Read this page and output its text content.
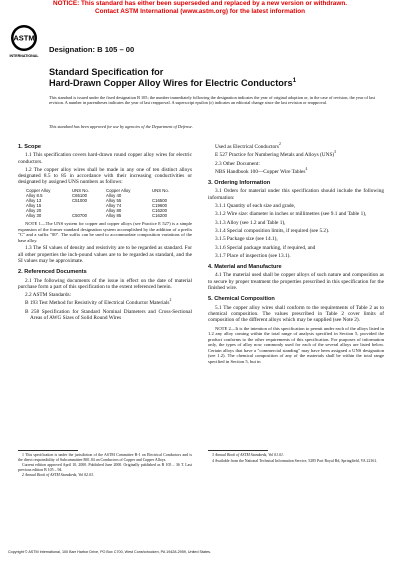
NOTICE: This standard has either been superseded and replaced by a new version or withdrawn.
Contact ASTM International (www.astm.org) for the latest information
ASTM
INTERNATIONAL
Designation: B 105 – 00
Standard Specification for
Hard-Drawn Copper Alloy Wires for Electric Conductors$^1$
This standard is issued under the fixed designation B 105; the number immediately following the designation indicates the year of original adoption or, in the case of revision, the year of last revision. A number in parentheses indicates the year of last reapproval. A superscript epsilon (ε) indicates an editorial change since the last revision or reapproval.
This standard has been approved for use by agencies of the Department of Defense.
1. Scope

1.1 This specification covers hard-drawn round copper alloy wires for electric conductors.

1.2 The copper alloy wires shall be made in any one of ten distinct alloys designated 8.5 to 85 in accordance with their increasing conductivities or designated by assigned UNS numbers as follows:

Copper Alloy	UNS No.	Copper Alloy	UNS No.
Alloy 8.5	C65100	Alloy 40	
Alloy 13	C51000	Alloy 55	C16500
Alloy 15		Alloy 74	C19600
Alloy 20		Alloy 80	C16200
Alloy 30	C50700	Alloy 85	C16200

NOTE 1—The UNS system for copper and copper alloys (see Practice E 527) is a simple expansion of the former standard designation system accomplished by the addition of a prefix "C" and a suffix "00". The suffix can be used to accommodate composition variations of the base alloy.

1.3 The SI values of density and resistivity are to be regarded as standard. For all other properties the inch-pound values are to be regarded as standard, and the SI values may be approximate.

2. Referenced Documents

2.1 The following documents of the issue in effect on the date of material purchase form a part of this specification to the extent referenced herein.

2.2 ASTM Standards:

B 193 Test Method for Resistivity of Electrical Conductor Materials$^2$

B 258 Specification for Standard Nominal Diameters and Cross-Sectional Areas of AWG Sizes of Solid Round Wires

Used as Electrical Conductors$^2$

E 527 Practice for Numbering Metals and Alloys (UNS)$^3$

2.3 Other Document:

NBS Handbook 100—Copper Wire Tables$^4$

3. Ordering Information

3.1 Orders for material under this specification should include the following information:

3.1.1 Quantity of each size and grade,

3.1.2 Wire size: diameter in inches or millimetres (see 9.1 and Table 1),

3.1.3 Alloy (see 1.2 and Table 1),

3.1.4 Special composition limits, if required (see 5.2).

3.1.5 Package size (see 14.1),

3.1.6 Special package marking, if required, and

3.1.7 Place of inspection (see 13.1).

4. Material and Manufacture

4.1 The material used shall be copper alloys of such nature and composition as to secure by proper treatment the properties prescribed in this specification for the finished wire.

5. Chemical Composition

5.1 The copper alloy wires shall conform to the requirements of Table 2 as to chemical composition. The values prescribed in Table 2 cover limits of composition of the different alloys which may be supplied (see Note 2).

NOTE 2—It is the intention of this specification to permit under each of the alloys listed in 1.2 any alloy coming within the total range of analysis specified in Section 5, provided the product conforms to the other requirements of this specification. For purposes of information only, the types of alloy now commonly used for each of the several alloys are listed below. Certain alloys that have a "commercial standing" may have been assigned a UNS designation (see 1.2). The chemical composition of any of the materials shall be within the total range specified in Section 5, but in

1 This specification is under the jurisdiction of the ASTM Committee B-1 on Electrical Conductors and is the direct responsibility of Subcommittee B01.04 on Conductors of Copper and Copper Alloys.

Current edition approved April 10, 2000. Published June 2000. Originally published as B 105 – 36 T. Last previous edition B 105 – 94.

2 Annual Book of ASTM Standards, Vol 02.03.

3 Annual Book of ASTM Standards, Vol 01.01.

4 Available from the National Technical Information Service, 5285 Port Royal Rd, Springfield, VA 22161.

Copyright © ASTM International, 100 Barr Harbor Drive, PO Box C700, West Conshohocken, PA 19428-2959, United States.
